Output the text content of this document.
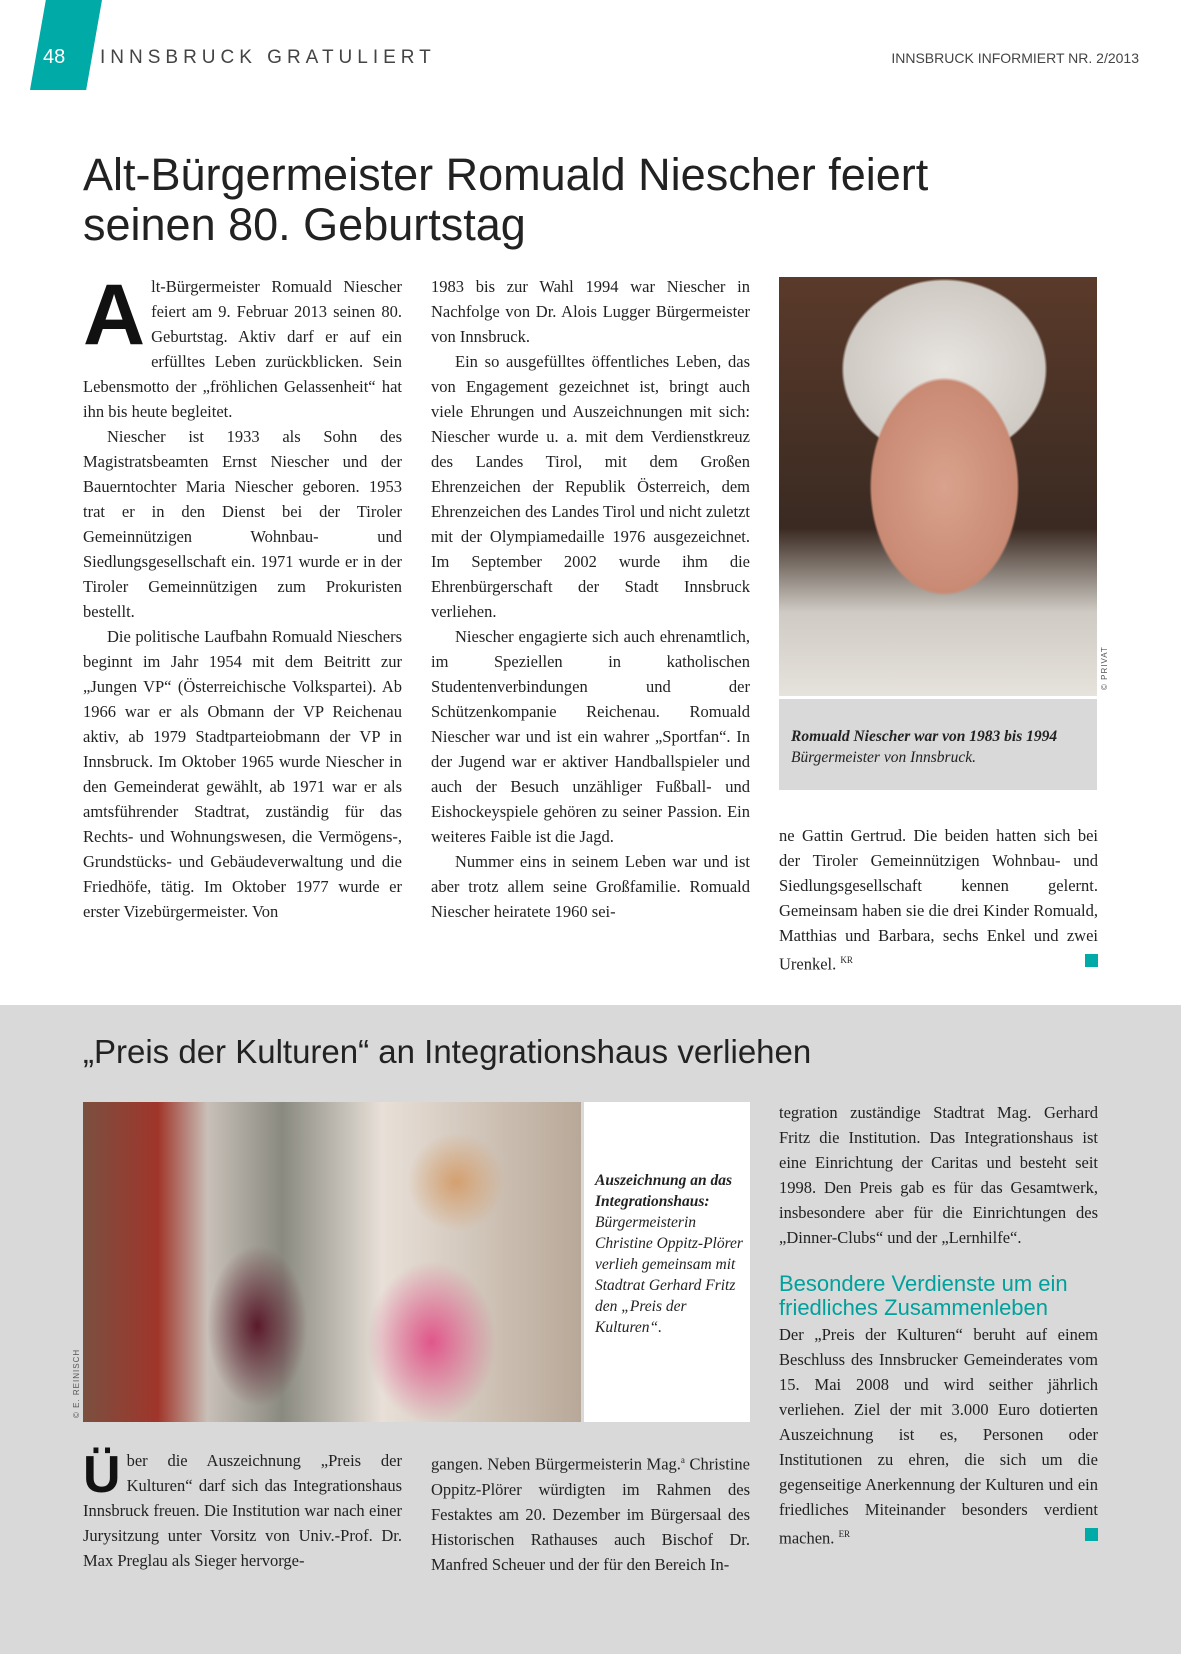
48 INNSBRUCK GRATULIERT	INNSBRUCK INFORMIERT NR. 2/2013
Alt-Bürgermeister Romuald Niescher feiert seinen 80. Geburtstag

Alt-Bürgermeister Romuald Niescher feiert am 9. Februar 2013 seinen 80. Geburtstag. Aktiv darf er auf ein erfülltes Leben zurückblicken. Sein Lebensmotto der „fröhlichen Gelassenheit“ hat ihn bis heute begleitet.

Niescher ist 1933 als Sohn des Magistratsbeamten Ernst Niescher und der Bauerntochter Maria Niescher geboren. 1953 trat er in den Dienst bei der Tiroler Gemeinnützigen Wohnbau- und Siedlungsgesellschaft ein. 1971 wurde er in der Tiroler Gemeinnützigen zum Prokuristen bestellt.

Die politische Laufbahn Romuald Nieschers beginnt im Jahr 1954 mit dem Beitritt zur „Jungen VP“ (Österreichische Volkspartei). Ab 1966 war er als Obmann der VP Reichenau aktiv, ab 1979 Stadtparteiobmann der VP in Innsbruck. Im Oktober 1965 wurde Niescher in den Gemeinderat gewählt, ab 1971 war er als amtsführender Stadtrat, zuständig für das Rechts- und Wohnungswesen, die Vermögens-, Grundstücks- und Gebäudeverwaltung und die Friedhöfe, tätig. Im Oktober 1977 wurde er erster Vizebürgermeister. Von

1983 bis zur Wahl 1994 war Niescher in Nachfolge von Dr. Alois Lugger Bürgermeister von Innsbruck.

Ein so ausgefülltes öffentliches Leben, das von Engagement gezeichnet ist, bringt auch viele Ehrungen und Auszeichnungen mit sich: Niescher wurde u. a. mit dem Verdienstkreuz des Landes Tirol, mit dem Großen Ehrenzeichen der Republik Österreich, dem Ehrenzeichen des Landes Tirol und nicht zuletzt mit der Olympiamedaille 1976 ausgezeichnet. Im September 2002 wurde ihm die Ehrenbürgerschaft der Stadt Innsbruck verliehen.

Niescher engagierte sich auch ehrenamtlich, im Speziellen in katholischen Studentenverbindungen und der Schützenkompanie Reichenau. Romuald Niescher war und ist ein wahrer „Sportfan“. In der Jugend war er aktiver Handballspieler und auch der Besuch unzähliger Fußball- und Eishockeyspiele gehören zu seiner Passion. Ein weiteres Faible ist die Jagd.

Nummer eins in seinem Leben war und ist aber trotz allem seine Großfamilie. Romuald Niescher heiratete 1960 sei-

© PRIVAT
Romuald Niescher war von 1983 bis 1994
Bürgermeister von Innsbruck.

ne Gattin Gertrud. Die beiden hatten sich bei der Tiroler Gemeinnützigen Wohnbau- und Siedlungsgesellschaft kennen gelernt. Gemeinsam haben sie die drei Kinder Romuald, Matthias und Barbara, sechs Enkel und zwei Urenkel. $^{KR}$

„Preis der Kulturen“ an Integrationshaus verliehen
© E. REINISCH
Auszeichnung an das Integrationshaus: Bürgermeisterin Christine Oppitz-Plörer verlieh gemeinsam mit Stadtrat Gerhard Fritz den „Preis der Kulturen“.

Über die Auszeichnung „Preis der Kulturen“ darf sich das Integrationshaus Innsbruck freuen. Die Institution war nach einer Jurysitzung unter Vorsitz von Univ.-Prof. Dr. Max Preglau als Sieger hervorge-

gangen. Neben Bürgermeisterin Mag.$^a$ Christine Oppitz-Plörer würdigten im Rahmen des Festaktes am 20. Dezember im Bürgersaal des Historischen Rathauses auch Bischof Dr. Manfred Scheuer und der für den Bereich In-

tegration zuständige Stadtrat Mag. Gerhard Fritz die Institution. Das Integrationshaus ist eine Einrichtung der Caritas und besteht seit 1998. Den Preis gab es für das Gesamtwerk, insbesondere aber für die Einrichtungen des „Dinner-Clubs“ und der „Lernhilfe“.

Besondere Verdienste um ein friedliches Zusammenleben

Der „Preis der Kulturen“ beruht auf einem Beschluss des Innsbrucker Gemeinderates vom 15. Mai 2008 und wird seither jährlich verliehen. Ziel der mit 3.000 Euro dotierten Auszeichnung ist es, Personen oder Institutionen zu ehren, die sich um die gegenseitige Anerkennung der Kulturen und ein friedliches Miteinander besonders verdient machen. $^{ER}$
